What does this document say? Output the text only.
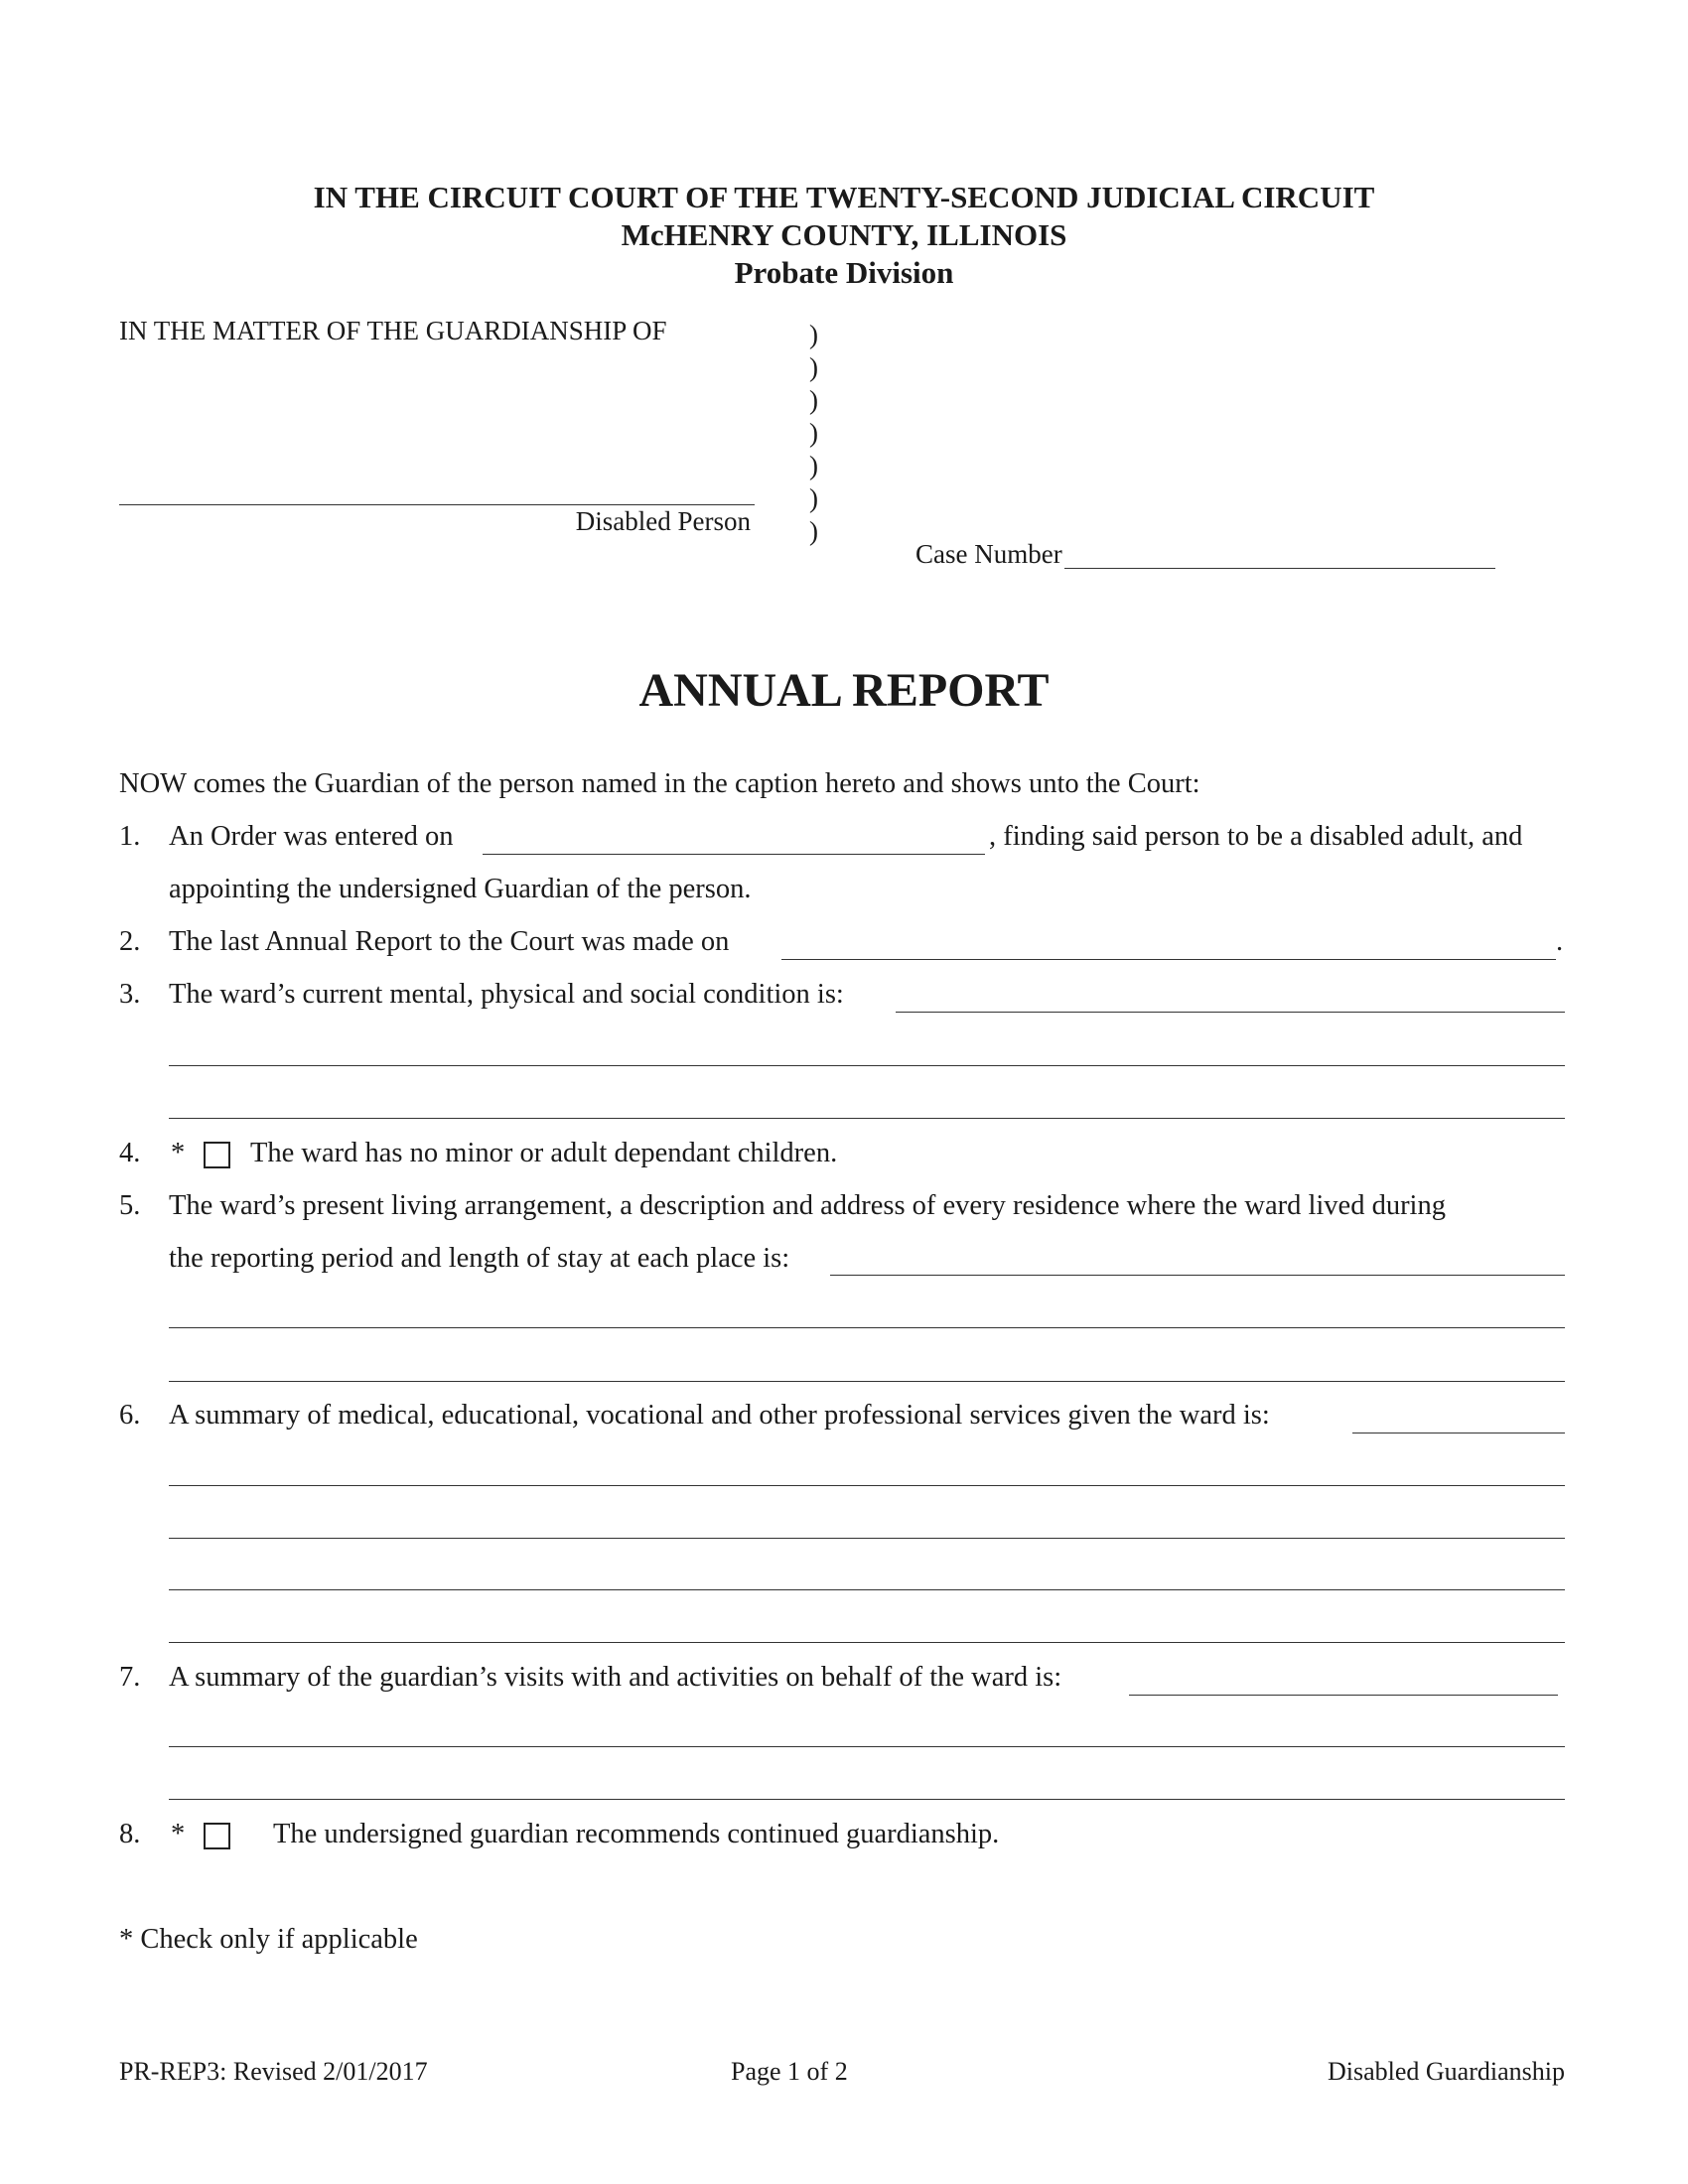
IN THE CIRCUIT COURT OF THE TWENTY-SECOND JUDICIAL CIRCUIT
McHENRY COUNTY, ILLINOIS
Probate Division
IN THE MATTER OF THE GUARDIANSHIP OF	)
)
)
)
)
)
)
Disabled Person
Case Number
ANNUAL REPORT
NOW comes the Guardian of the person named in the caption hereto and shows unto the Court:
1. An Order was entered on	, finding said person to be a disabled adult, and
appointing the undersigned Guardian of the person.
2. The last Annual Report to the Court was made on	.
3. The ward’s current mental, physical and social condition is:
4. * The ward has no minor or adult dependant children.
5. The ward’s present living arrangement, a description and address of every residence where the ward lived during
the reporting period and length of stay at each place is:
6. A summary of medical, educational, vocational and other professional services given the ward is:
7. A summary of the guardian’s visits with and activities on behalf of the ward is:
8. *	The undersigned guardian recommends continued guardianship.
* Check only if applicable
PR-REP3: Revised 2/01/2017	Page 1 of 2	Disabled Guardianship
